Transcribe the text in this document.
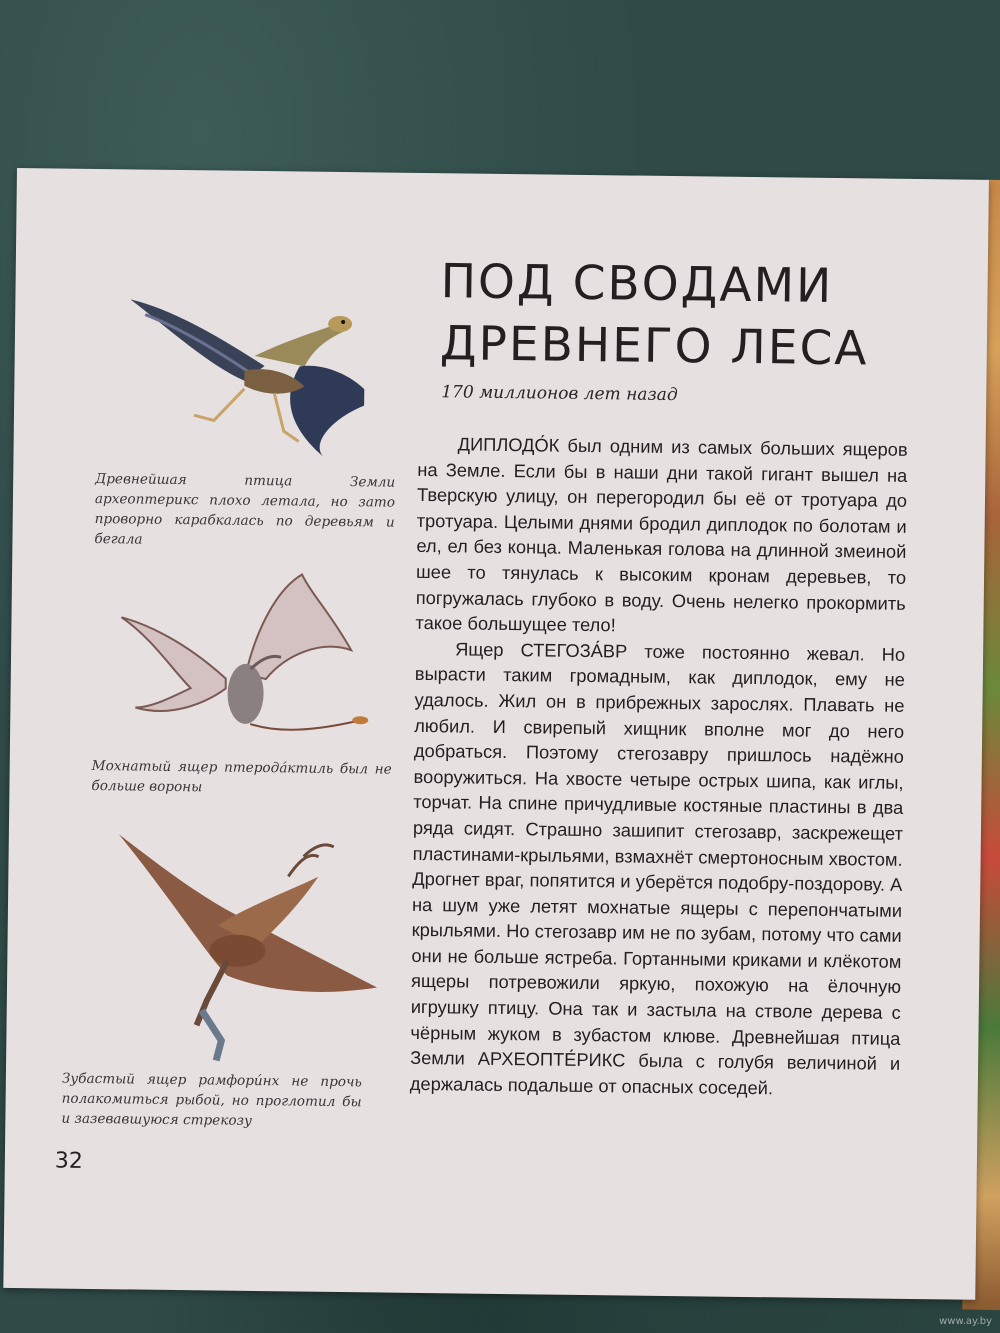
ПОД СВОДАМИ
ДРЕВНЕГО ЛЕСА
170 миллионов лет назад

ДИПЛОДО́К был одним из самых больших ящеров на Земле. Если бы в наши дни такой гигант вышел на Тверскую улицу, он перегородил бы её от тротуара до тротуара. Целыми днями бродил диплодок по болотам и ел, ел без конца. Маленькая голова на длинной змеиной шее то тянулась к высоким кронам деревьев, то погружалась глубоко в воду. Очень нелегко прокормить такое большущее тело!

Ящер СТЕГОЗА́ВР тоже постоянно жевал. Но вырасти таким громадным, как диплодок, ему не удалось. Жил он в прибрежных зарослях. Плавать не любил. И свирепый хищник вполне мог до него добраться. Поэтому стегозавру пришлось надёжно вооружиться. На хвосте четыре острых шипа, как иглы, торчат. На спине причудливые костяные пластины в два ряда сидят. Страшно зашипит стегозавр, заскрежещет пластинами-крыльями, взмахнёт смертоносным хвостом. Дрогнет враг, попятится и уберётся подобру-поздорову. А на шум уже летят мохнатые ящеры с перепончатыми крыльями. Но стегозавр им не по зубам, потому что сами они не больше ястреба. Гортанными криками и клёкотом ящеры потревожили яркую, похожую на ёлочную игрушку птицу. Она так и застыла на стволе дерева с чёрным жуком в зубастом клюве. Древнейшая птица Земли АРХЕОПТЕ́РИКС была с голубя величиной и держалась подальше от опасных соседей.

Древнейшая птица Земли археоптерикс плохо летала, но зато проворно карабкалась по деревьям и бегала
Мохнатый ящер птеродáктиль был не больше вороны
Зубастый ящер рамфори́нх не прочь полакомиться рыбой, но проглотил бы и зазевавшуюся стрекозу
32
www.ay.by
